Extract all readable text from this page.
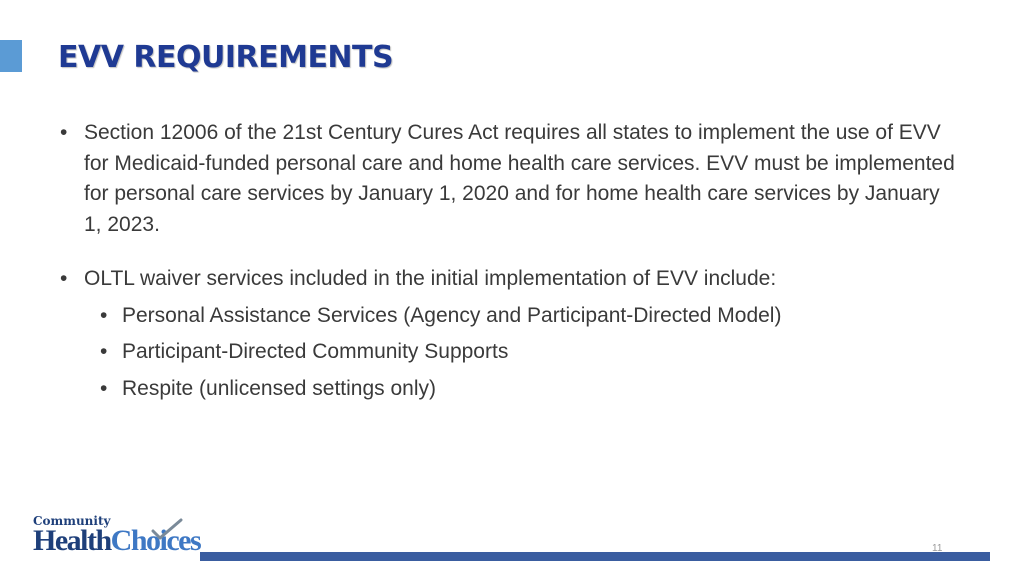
EVV REQUIREMENTS
• Section 12006 of the 21st Century Cures Act requires all states to implement the use of EVV for Medicaid-funded personal care and home health care services. EVV must be implemented for personal care services by January 1, 2020 and for home health care services by January 1, 2023.
• OLTL waiver services included in the initial implementation of EVV include:
• Personal Assistance Services (Agency and Participant-Directed Model)
• Participant-Directed Community Supports
• Respite (unlicensed settings only)
Community
HealthChoices	11
